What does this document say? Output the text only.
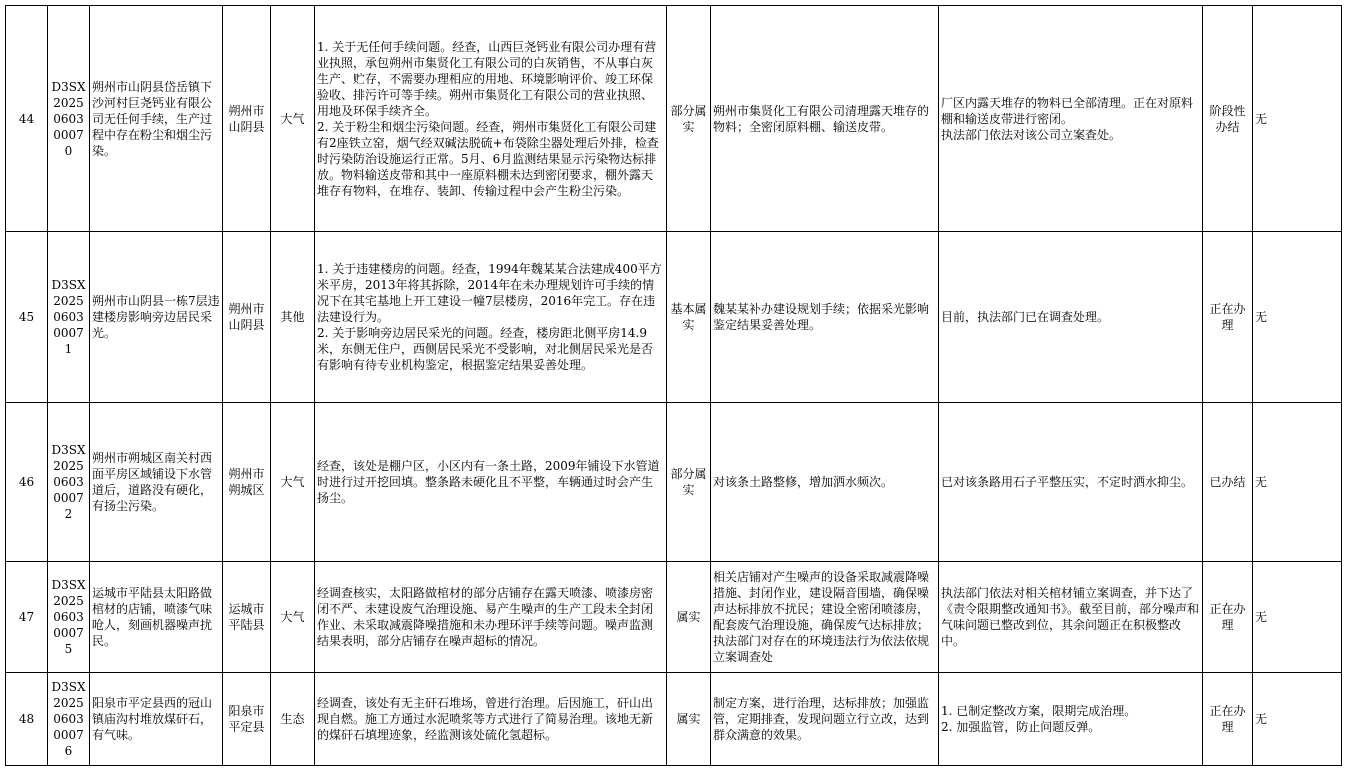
44	D3SX2025060300070	朔州市山阴县岱岳镇下沙河村巨尧钙业有限公司无任何手续，生产过程中存在粉尘和烟尘污染。	朔州市山阴县	大气	1. 关于无任何手续问题。经查，山西巨尧钙业有限公司办理有营业执照，承包朔州市集贤化工有限公司的白灰销售，不从事白灰生产、贮存，不需要办理相应的用地、环境影响评价、竣工环保验收、排污许可等手续。朔州市集贤化工有限公司的营业执照、用地及环保手续齐全。
2. 关于粉尘和烟尘污染问题。经查，朔州市集贤化工有限公司建有2座铁立窑，烟气经双碱法脱硫+布袋除尘器处理后外排，检查时污染防治设施运行正常。5月、6月监测结果显示污染物达标排放。物料输送皮带和其中一座原料棚未达到密闭要求，棚外露天堆存有物料，在堆存、装卸、传输过程中会产生粉尘污染。	部分属实	朔州市集贤化工有限公司清理露天堆存的物料；全密闭原料棚、输送皮带。	厂区内露天堆存的物料已全部清理。正在对原料棚和输送皮带进行密闭。
执法部门依法对该公司立案查处。	阶段性办结	无
45	D3SX2025060300071	朔州市山阴县一栋7层违建楼房影响旁边居民采光。	朔州市山阴县	其他	1. 关于违建楼房的问题。经查，1994年魏某某合法建成400平方米平房，2013年将其拆除，2014年在未办理规划许可手续的情况下在其宅基地上开工建设一幢7层楼房，2016年完工。存在违法建设行为。
2. 关于影响旁边居民采光的问题。经查，楼房距北侧平房14.9米，东侧无住户，西侧居民采光不受影响，对北侧居民采光是否有影响有待专业机构鉴定，根据鉴定结果妥善处理。	基本属实	魏某某补办建设规划手续；依据采光影响鉴定结果妥善处理。	目前，执法部门已在调查处理。	正在办理	无
46	D3SX2025060300072	朔州市朔城区南关村西面平房区域铺设下水管道后，道路没有硬化，有扬尘污染。	朔州市朔城区	大气	经查，该处是棚户区，小区内有一条土路，2009年铺设下水管道时进行过开挖回填。整条路未硬化且不平整，车辆通过时会产生扬尘。	部分属实	对该条土路整修，增加洒水频次。	已对该条路用石子平整压实，不定时洒水抑尘。	已办结	无
47	D3SX2025060300075	运城市平陆县太阳路做棺材的店铺，喷漆气味呛人，刻画机器噪声扰民。	运城市平陆县	大气	经调查核实，太阳路做棺材的部分店铺存在露天喷漆、喷漆房密闭不严、未建设废气治理设施、易产生噪声的生产工段未全封闭作业、未采取减震降噪措施和未办理环评手续等问题。噪声监测结果表明，部分店铺存在噪声超标的情况。	属实	相关店铺对产生噪声的设备采取减震降噪措施、封闭作业，建设隔音围墙，确保噪声达标排放不扰民；建设全密闭喷漆房，配套废气治理设施，确保废气达标排放；执法部门对存在的环境违法行为依法依规立案调查处	执法部门依法对相关棺材铺立案调查，并下达了《责令限期整改通知书》。截至目前，部分噪声和气味问题已整改到位，其余问题正在积极整改中。	正在办理	无
48	D3SX2025060300076	阳泉市平定县西的冠山镇庙沟村堆放煤矸石，有气味。	阳泉市平定县	生态	经调查，该处有无主矸石堆场，曾进行治理。后因施工，矸山出现自燃。施工方通过水泥喷浆等方式进行了简易治理。该地无新的煤矸石填埋迹象，经监测该处硫化氢超标。	属实	制定方案，进行治理，达标排放；加强监管，定期排查，发现问题立行立改，达到群众满意的效果。	1. 已制定整改方案，限期完成治理。
2. 加强监管，防止问题反弹。	正在办理	无
